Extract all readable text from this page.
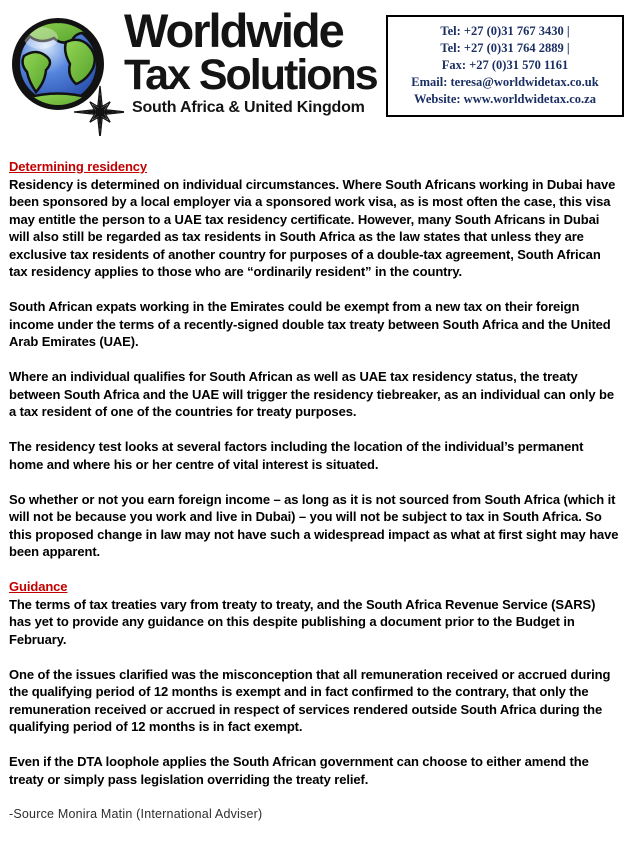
Worldwide
Tax Solutions
South Africa & United Kingdom
Tel: +27 (0)31 767 3430 |
Tel: +27 (0)31 764 2889 |
Fax: +27 (0)31 570 1161
Email: teresa@worldwidetax.co.uk
Website: www.worldwidetax.co.za
Determining residency

Residency is determined on individual circumstances. Where South Africans working in Dubai have been sponsored by a local employer via a sponsored work visa, as is most often the case, this visa may entitle the person to a UAE tax residency certificate. However, many South Africans in Dubai will also still be regarded as tax residents in South Africa as the law states that unless they are exclusive tax residents of another country for purposes of a double-tax agreement, South African tax residency applies to those who are “ordinarily resident” in the country.

South African expats working in the Emirates could be exempt from a new tax on their foreign income under the terms of a recently-signed double tax treaty between South Africa and the United Arab Emirates (UAE).

Where an individual qualifies for South African as well as UAE tax residency status, the treaty between South Africa and the UAE will trigger the residency tiebreaker, as an individual can only be a tax resident of one of the countries for treaty purposes.

The residency test looks at several factors including the location of the individual’s permanent home and where his or her centre of vital interest is situated.

So whether or not you earn foreign income – as long as it is not sourced from South Africa (which it will not be because you work and live in Dubai) – you will not be subject to tax in South Africa. So this proposed change in law may not have such a widespread impact as what at first sight may have been apparent.

Guidance

The terms of tax treaties vary from treaty to treaty, and the South Africa Revenue Service (SARS) has yet to provide any guidance on this despite publishing a document prior to the Budget in February.

One of the issues clarified was the misconception that all remuneration received or accrued during the qualifying period of 12 months is exempt and in fact confirmed to the contrary, that only the remuneration received or accrued in respect of services rendered outside South Africa during the qualifying period of 12 months is in fact exempt.

Even if the DTA loophole applies the South African government can choose to either amend the treaty or simply pass legislation overriding the treaty relief.

-Source Monira Matin (International Adviser)
